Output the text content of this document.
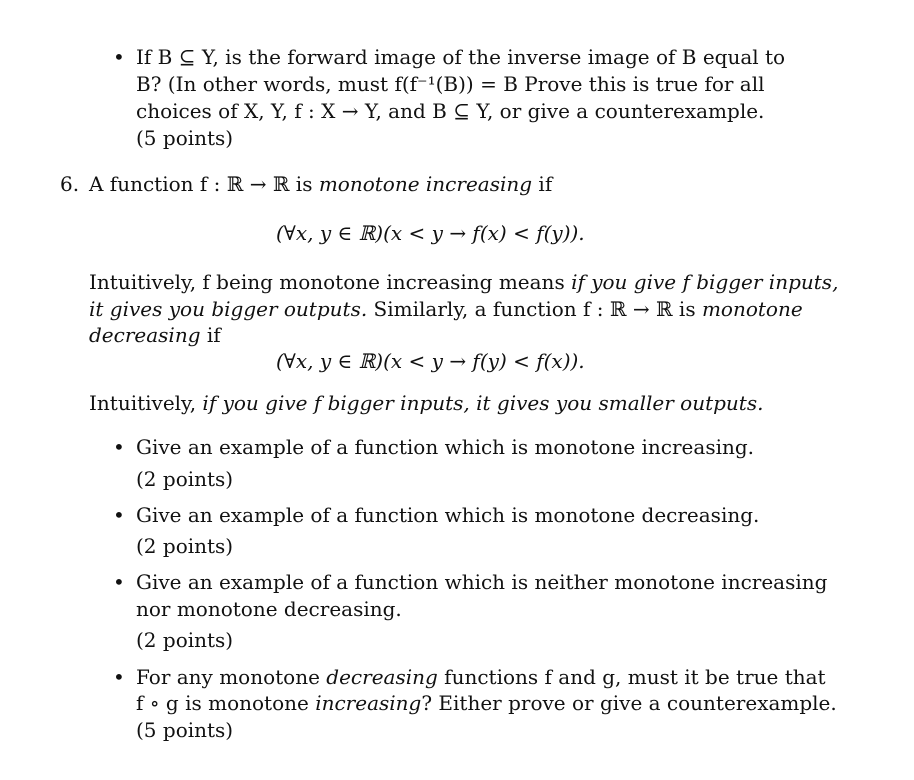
• If B ⊆ Y, is the forward image of the inverse image of B equal to
B? (In other words, must f(f⁻¹(B)) = B Prove this is true for all
choices of X, Y, f : X → Y, and B ⊆ Y, or give a counterexample.
(5 points)
6. A function f : ℝ → ℝ is monotone increasing if
(∀x, y ∈ ℝ)(x < y → f(x) < f(y)).
Intuitively, f being monotone increasing means if you give f bigger inputs,
it gives you bigger outputs. Similarly, a function f : ℝ → ℝ is monotone
decreasing if
(∀x, y ∈ ℝ)(x < y → f(y) < f(x)).
Intuitively, if you give f bigger inputs, it gives you smaller outputs.
• Give an example of a function which is monotone increasing.
(2 points)
• Give an example of a function which is monotone decreasing.
(2 points)
• Give an example of a function which is neither monotone increasing
nor monotone decreasing.
(2 points)
• For any monotone decreasing functions f and g, must it be true that
f ∘ g is monotone increasing? Either prove or give a counterexample.
(5 points)
